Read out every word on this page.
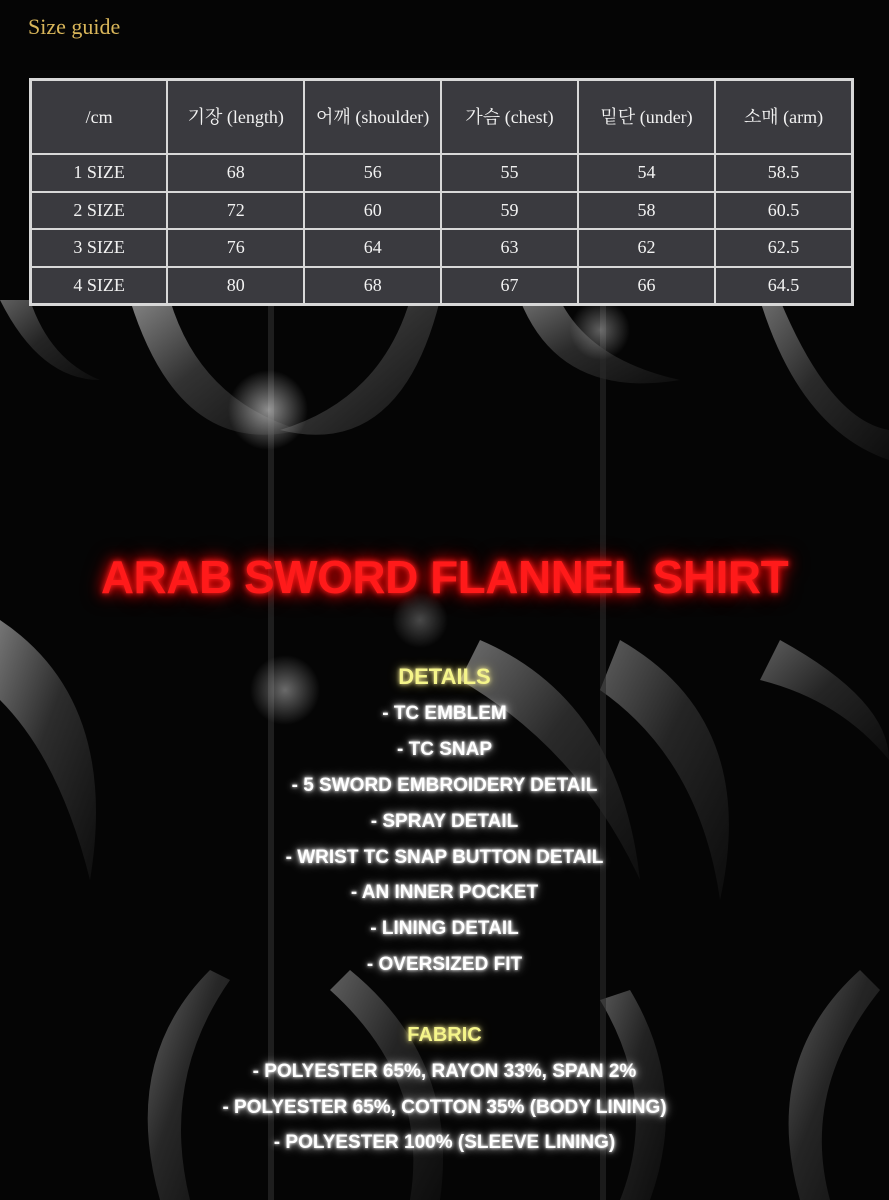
Size guide
/cm	기장 (length)	어깨 (shoulder)	가슴 (chest)	밑단 (under)	소매 (arm)
1 SIZE	68	56	55	54	58.5
2 SIZE	72	60	59	58	60.5
3 SIZE	76	64	63	62	62.5
4 SIZE	80	68	67	66	64.5
ARAB SWORD FLANNEL SHIRT
DETAILS
- TC EMBLEM
- TC SNAP
- 5 SWORD EMBROIDERY DETAIL
- SPRAY DETAIL
- WRIST TC SNAP BUTTON DETAIL
- AN INNER POCKET
- LINING DETAIL
- OVERSIZED FIT
FABRIC
- POLYESTER 65%, RAYON 33%, SPAN 2%
- POLYESTER 65%, COTTON 35% (BODY LINING)
- POLYESTER 100% (SLEEVE LINING)
